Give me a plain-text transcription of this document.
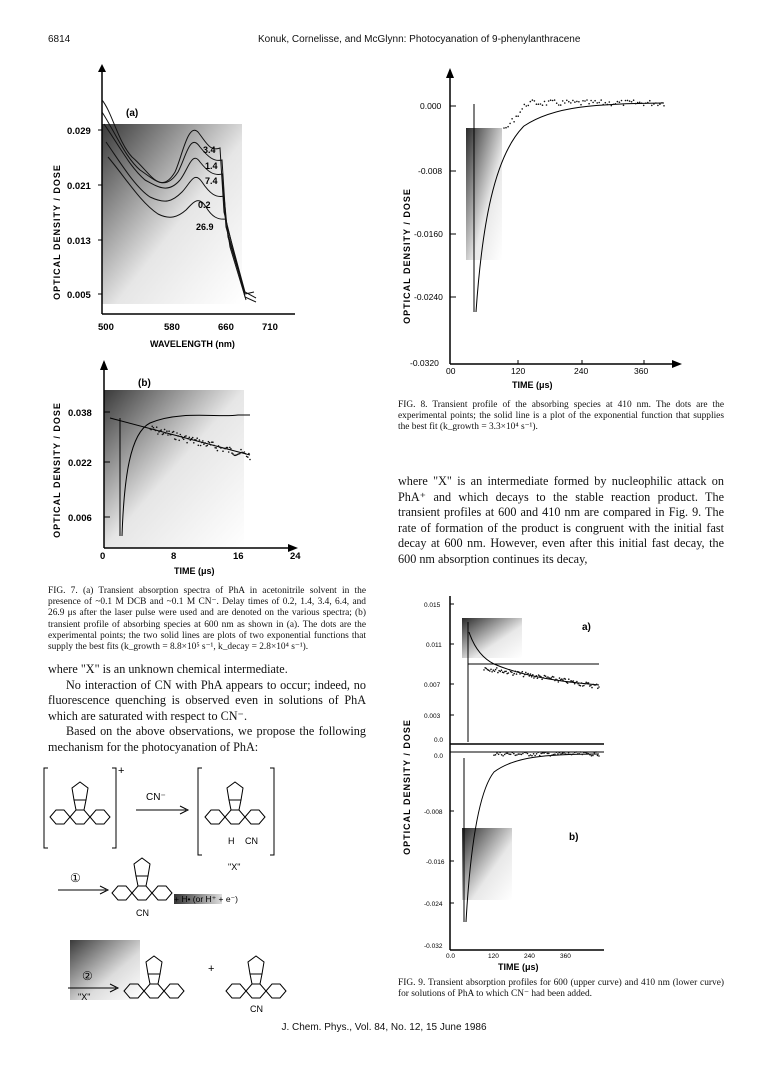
6814	Konuk, Cornelisse, and McGlynn: Photocyanation of 9-phenylanthracene
OPTICAL DENSITY / DOSE
0.029
0.021
0.013
0.005
500	580	660	710
WAVELENGTH (nm)
(a)
3.4
1.4
7.4
0.2
26.9
OPTICAL DENSITY / DOSE 0.038
0.022
0.006
0	8	16	24
TIME (μs)
(b)
FIG. 7. (a) Transient absorption spectra of PhA in acetonitrile solvent in the presence of ~0.1 M DCB and ~0.1 M CN⁻. Delay times of 0.2, 1.4, 3.4, 6.4, and 26.9 μs after the laser pulse were used and are denoted on the various spectra; (b) transient profile of absorbing species at 600 nm as shown in (a). The dots are the experimental points; the two solid lines are plots of two exponential functions that supply the best fits (k_growth = 8.8×10⁵ s⁻¹, k_decay = 2.8×10⁴ s⁻¹).

where "X" is an unknown chemical intermediate.

No interaction of CN with PhA appears to occur; indeed, no fluorescence quenching is observed even in solutions of PhA which are saturated with respect to CN⁻.

Based on the above observations, we propose the following mechanism for the photocyanation of PhA:

+
CN⁻
H CN
"X"
①
CN
+ H• (or H⁺ + e⁻)
②
"X"
+
CN
OPTICAL DENSITY / DOSE
0.000
-0.008
-0.0160
-0.0240
-0.0320
00	120	240	360
TIME (μs)
FIG. 8. Transient profile of the absorbing species at 410 nm. The dots are the experimental points; the solid line is a plot of the exponential function that supplies the best fit (k_growth = 3.3×10⁴ s⁻¹).

where "X" is an intermediate formed by nucleophilic attack on PhA⁺ and which decays to the stable reaction product. The transient profiles at 600 and 410 nm are compared in Fig. 9. The rate of formation of the product is congruent with the initial fast decay at 600 nm. However, even after this initial fast decay, the 600 nm absorption continues its decay,

OPTICAL DENSITY / DOSE
0.015
0.011
0.007
0.003
0.0
a)
0.0
-0.008
-0.016
-0.024
-0.032
b)
0.0	120	240	360
TIME (μs)
FIG. 9. Transient absorption profiles for 600 (upper curve) and 410 nm (lower curve) for solutions of PhA to which CN⁻ had been added.
J. Chem. Phys., Vol. 84, No. 12, 15 June 1986
